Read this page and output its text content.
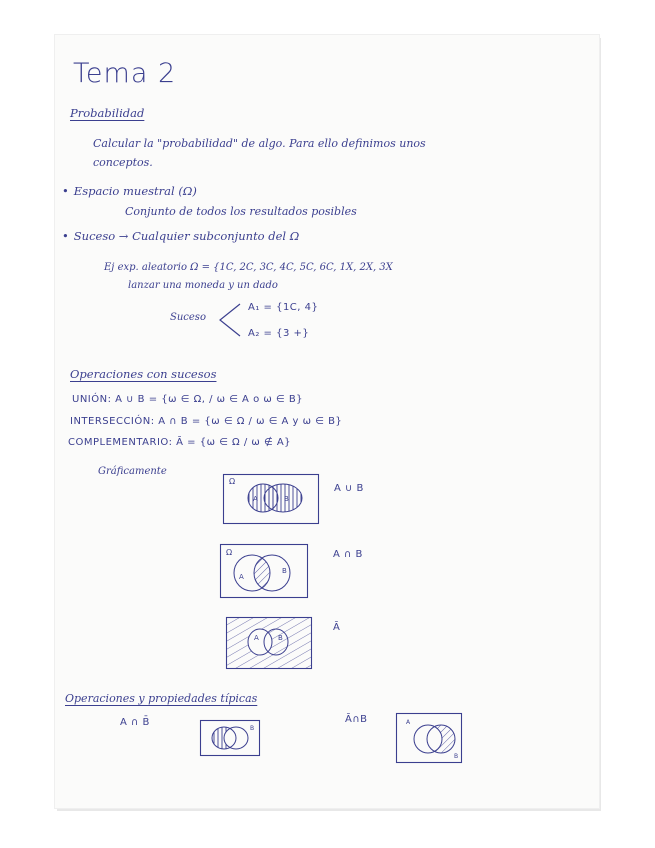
Tema 2
Probabilidad
Calcular la "probabilidad" de algo. Para ello definimos unos
conceptos.
• Espacio muestral (Ω)
Conjunto de todos los resultados posibles
• Suceso → Cualquier subconjunto del Ω
Ej exp. aleatorio Ω = {1C, 2C, 3C, 4C, 5C, 6C, 1X, 2X, 3X
lanzar una moneda y un dado
Suceso
A₁ = {1C, 4}
A₂ = {3 +}
Operaciones con sucesos
UNIÓN: A ∪ B = {ω ∈ Ω, / ω ∈ A o ω ∈ B}
INTERSECCIÓN: A ∩ B = {ω ∈ Ω / ω ∈ A y ω ∈ B}
COMPLEMENTARIO: Ā = {ω ∈ Ω / ω ∉ A}
Gráficamente
Ω
A	B
A ∪ B
Ω
A
B
A ∩ B
A	B
Ā
Operaciones y propiedades típicas
A ∩ B̄	Ā∩B
B
A
B
